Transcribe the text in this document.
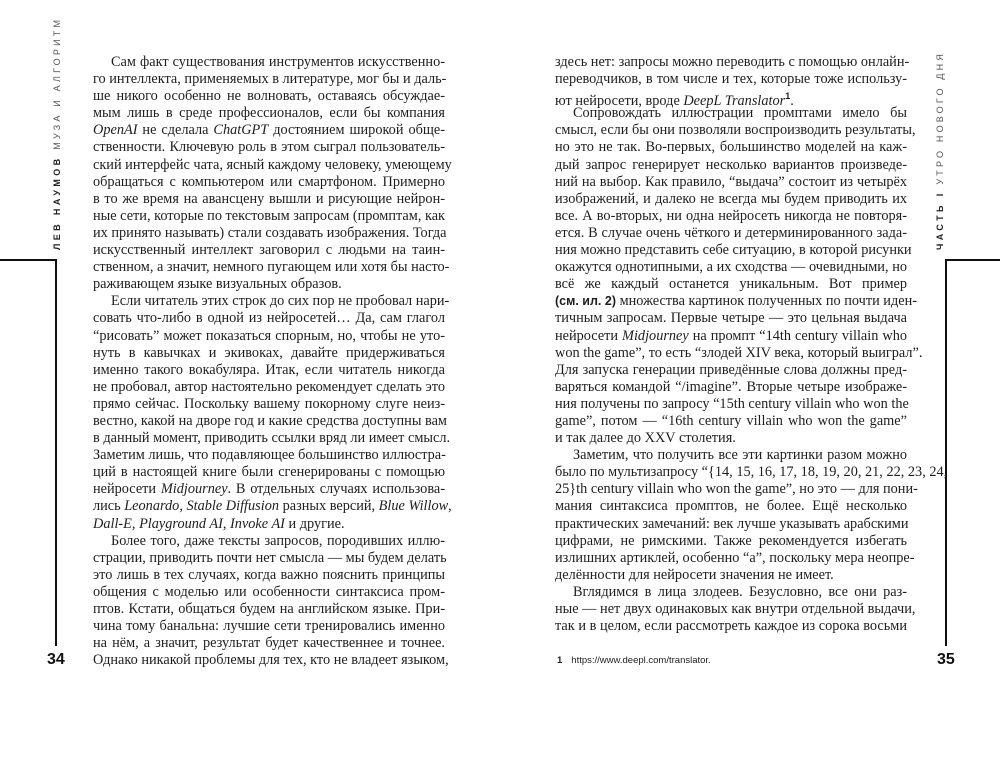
ЛЕВ НАУМОВ МУЗА И АЛГОРИТМ	Сам факт существования инструментов искусственно-
го интеллекта, применяемых в литературе, мог бы и даль-
ше никого особенно не волновать, оставаясь обсуждае-
мым лишь в среде профессионалов, если бы компания
OpenAI не сделала ChatGPT достоянием широкой обще-
ственности. Ключевую роль в этом сыграл пользователь-
ский интерфейс чата, ясный каждому человеку, умеющему
обращаться с компьютером или смартфоном. Примерно
в то же время на авансцену вышли и рисующие нейрон-
ные сети, которые по текстовым запросам (промптам, как
их принято называть) стали создавать изображения. Тогда
искусственный интеллект заговорил с людьми на таин-
ственном, а значит, немного пугающем или хотя бы насто-
раживающем языке визуальных образов.
Если читатель этих строк до сих пор не пробовал нари-
совать что-либо в одной из нейросетей… Да, сам глагол
“рисовать” может показаться спорным, но, чтобы не уто-
нуть в кавычках и экивоках, давайте придерживаться
именно такого вокабуляра. Итак, если читатель никогда
не пробовал, автор настоятельно рекомендует сделать это
прямо сейчас. Поскольку вашему покорному слуге неиз-
вестно, какой на дворе год и какие средства доступны вам
в данный момент, приводить ссылки вряд ли имеет смысл.
Заметим лишь, что подавляющее большинство иллюстра-
ций в настоящей книге были сгенерированы с помощью
нейросети Midjourney. В отдельных случаях использова-
лись Leonardo, Stable Diffusion разных версий, Blue Willow,
Dall-E, Playground AI, Invoke AI и другие.
Более того, даже тексты запросов, породивших иллю-
страции, приводить почти нет смысла — мы будем делать
это лишь в тех случаях, когда важно пояснить принципы
общения с моделью или особенности синтаксиса пром-
птов. Кстати, общаться будем на английском языке. При-
чина тому банальна: лучшие сети тренировались именно
на нём, а значит, результат будет качественнее и точнее.
Однако никакой проблемы для тех, кто не владеет языком,
34
ЧАСТЬ I УТРО НОВОГО ДНЯ
здесь нет: запросы можно переводить с помощью онлайн-
переводчиков, в том числе и тех, которые тоже использу-
ют нейросети, вроде DeepL Translator$^1$.
Сопровождать иллюстрации промптами имело бы
смысл, если бы они позволяли воспроизводить результаты,
но это не так. Во-первых, большинство моделей на каж-
дый запрос генерирует несколько вариантов произведе-
ний на выбор. Как правило, “выдача” состоит из четырёх
изображений, и далеко не всегда мы будем приводить их
все. А во-вторых, ни одна нейросеть никогда не повторя-
ется. В случае очень чёткого и детерминированного зада-
ния можно представить себе ситуацию, в которой рисунки
окажутся однотипными, а их сходства — очевидными, но
всё же каждый останется уникальным. Вот пример
(см. ил. 2) множества картинок полученных по почти иден-
тичным запросам. Первые четыре — это цельная выдача
нейросети Midjourney на промпт “14th century villain who
won the game”, то есть “злодей XIV века, который выиграл”.
Для запуска генерации приведённые слова должны пред-
варяться командой “/imagine”. Вторые четыре изображе-
ния получены по запросу “15th century villain who won the
game”, потом — “16th century villain who won the game”
и так далее до XXV столетия.
Заметим, что получить все эти картинки разом можно
было по мультизапросу “{14, 15, 16, 17, 18, 19, 20, 21, 22, 23, 24,
25}th century villain who won the game”, но это — для пони-
мания синтаксиса промптов, не более. Ещё несколько
практических замечаний: век лучше указывать арабскими
цифрами, не римскими. Также рекомендуется избегать
излишних артиклей, особенно “a”, поскольку мера неопре-
делённости для нейросети значения не имеет.
Вглядимся в лица злодеев. Безусловно, все они раз-
ные — нет двух одинаковых как внутри отдельной выдачи,
так и в целом, если рассмотреть каждое из сорока восьми
1 https://www.deepl.com/translator.	35
